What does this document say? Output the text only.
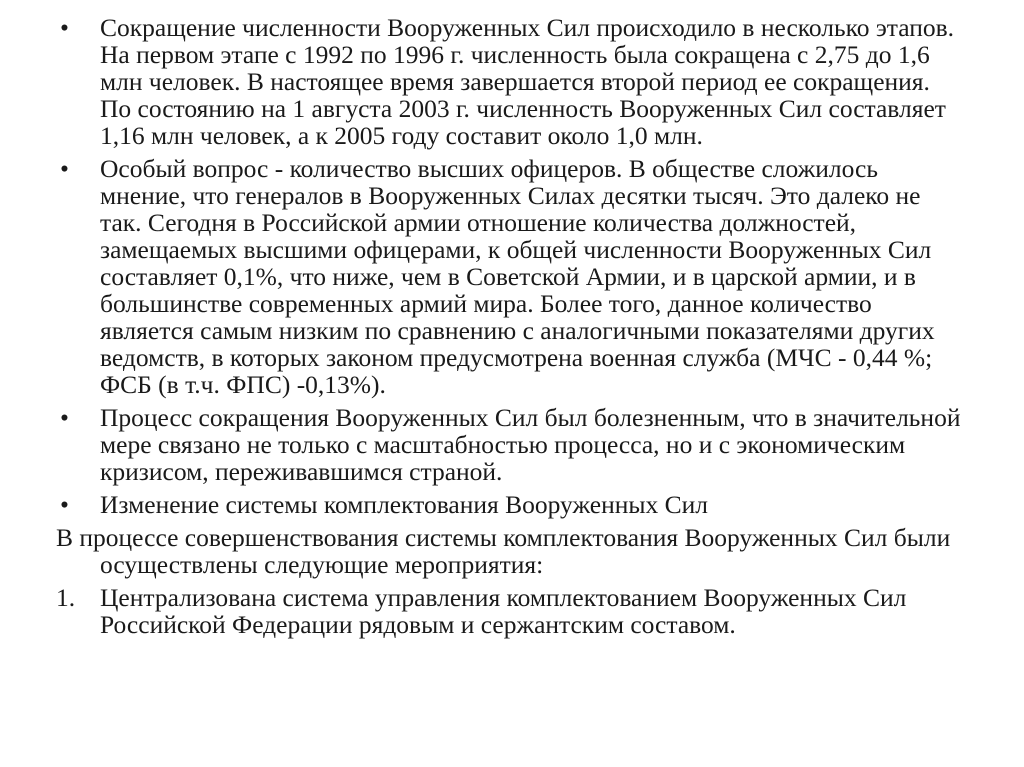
•	Сокращение численности Вооруженных Сил происходило в несколько этапов. На первом этапе с 1992 по 1996 г. численность была сокращена с 2,75 до 1,6 млн человек. В настоящее время завершается второй период ее сокращения. По состоянию на 1 августа 2003 г. численность Вооруженных Сил составляет 1,16 млн человек, а к 2005 году составит около 1,0 млн.
•	Особый вопрос - количество высших офицеров. В обществе сложилось мнение, что генералов в Вооруженных Силах десятки тысяч. Это далеко не так. Сегодня в Российской армии отношение количества должностей, замещаемых высшими офицерами, к общей численности Вооруженных Сил составляет 0,1%, что ниже, чем в Советской Армии, и в царской армии, и в большинстве современных армий мира. Более того, данное количество является самым низким по сравнению с аналогичными показателями других ведомств, в которых законом предусмотрена военная служба (МЧС - 0,44 %; ФСБ (в т.ч. ФПС) -0,13%).
•	Процесс сокращения Вооруженных Сил был болезненным, что в значительной мере связано не только с масштабностью процесса, но и с экономическим кризисом, переживавшимся страной.
•	Изменение системы комплектования Вооруженных Сил
В процессе совершенствования системы комплектования Вооруженных Сил были осуществлены следующие мероприятия:
1. Централизована система управления комплектованием Вооруженных Сил Российской Федерации рядовым и сержантским составом.
